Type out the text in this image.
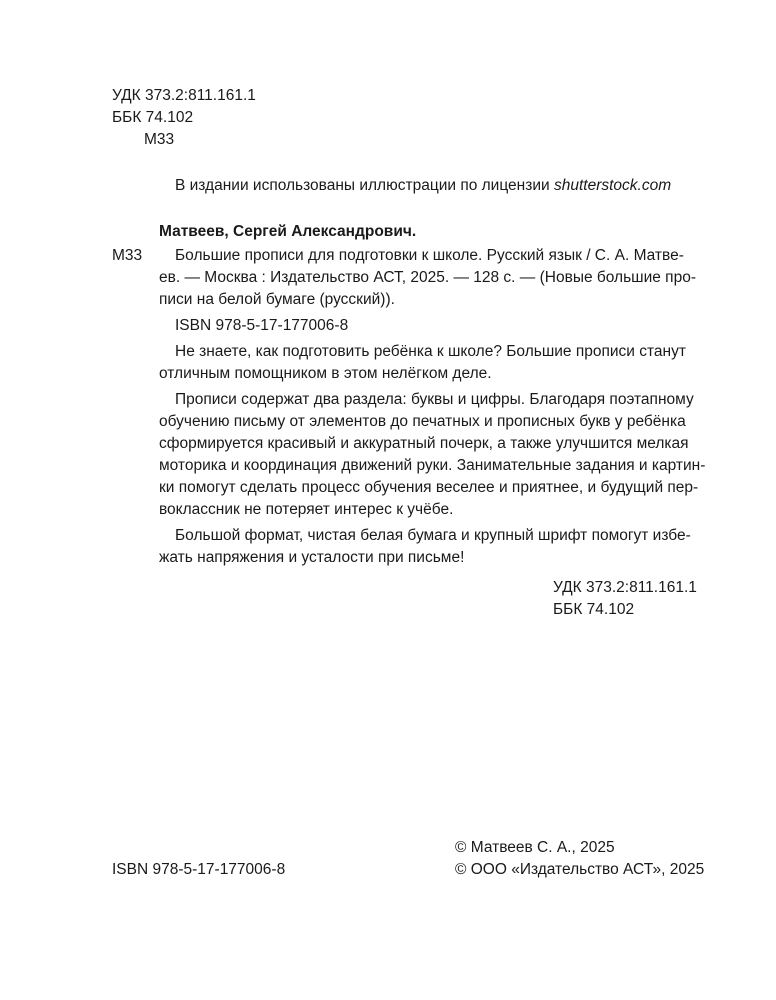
УДК 373.2:811.161.1
ББК 74.102
М33
В издании использованы иллюстрации по лицензии shutterstock.com
Матвеев, Сергей Александрович.
М33 Большие прописи для подготовки к школе. Русский язык / С. А. Матве-
ев. — Москва : Издательство АСТ, 2025. — 128 с. — (Новые большие про-
писи на белой бумаге (русский)).
ISBN 978-5-17-177006-8
Не знаете, как подготовить ребёнка к школе? Большие прописи станут
отличным помощником в этом нелёгком деле.
Прописи содержат два раздела: буквы и цифры. Благодаря поэтапному
обучению письму от элементов до печатных и прописных букв у ребёнка
сформируется красивый и аккуратный почерк, а также улучшится мелкая
моторика и координация движений руки. Занимательные задания и картин-
ки помогут сделать процесс обучения веселее и приятнее, и будущий пер-
воклассник не потеряет интерес к учёбе.
Большой формат, чистая белая бумага и крупный шрифт помогут избе-
жать напряжения и усталости при письме!
УДК 373.2:811.161.1
ББК 74.102
ISBN 978-5-17-177006-8
© Матвеев С. А., 2025
© ООО «Издательство АСТ», 2025
